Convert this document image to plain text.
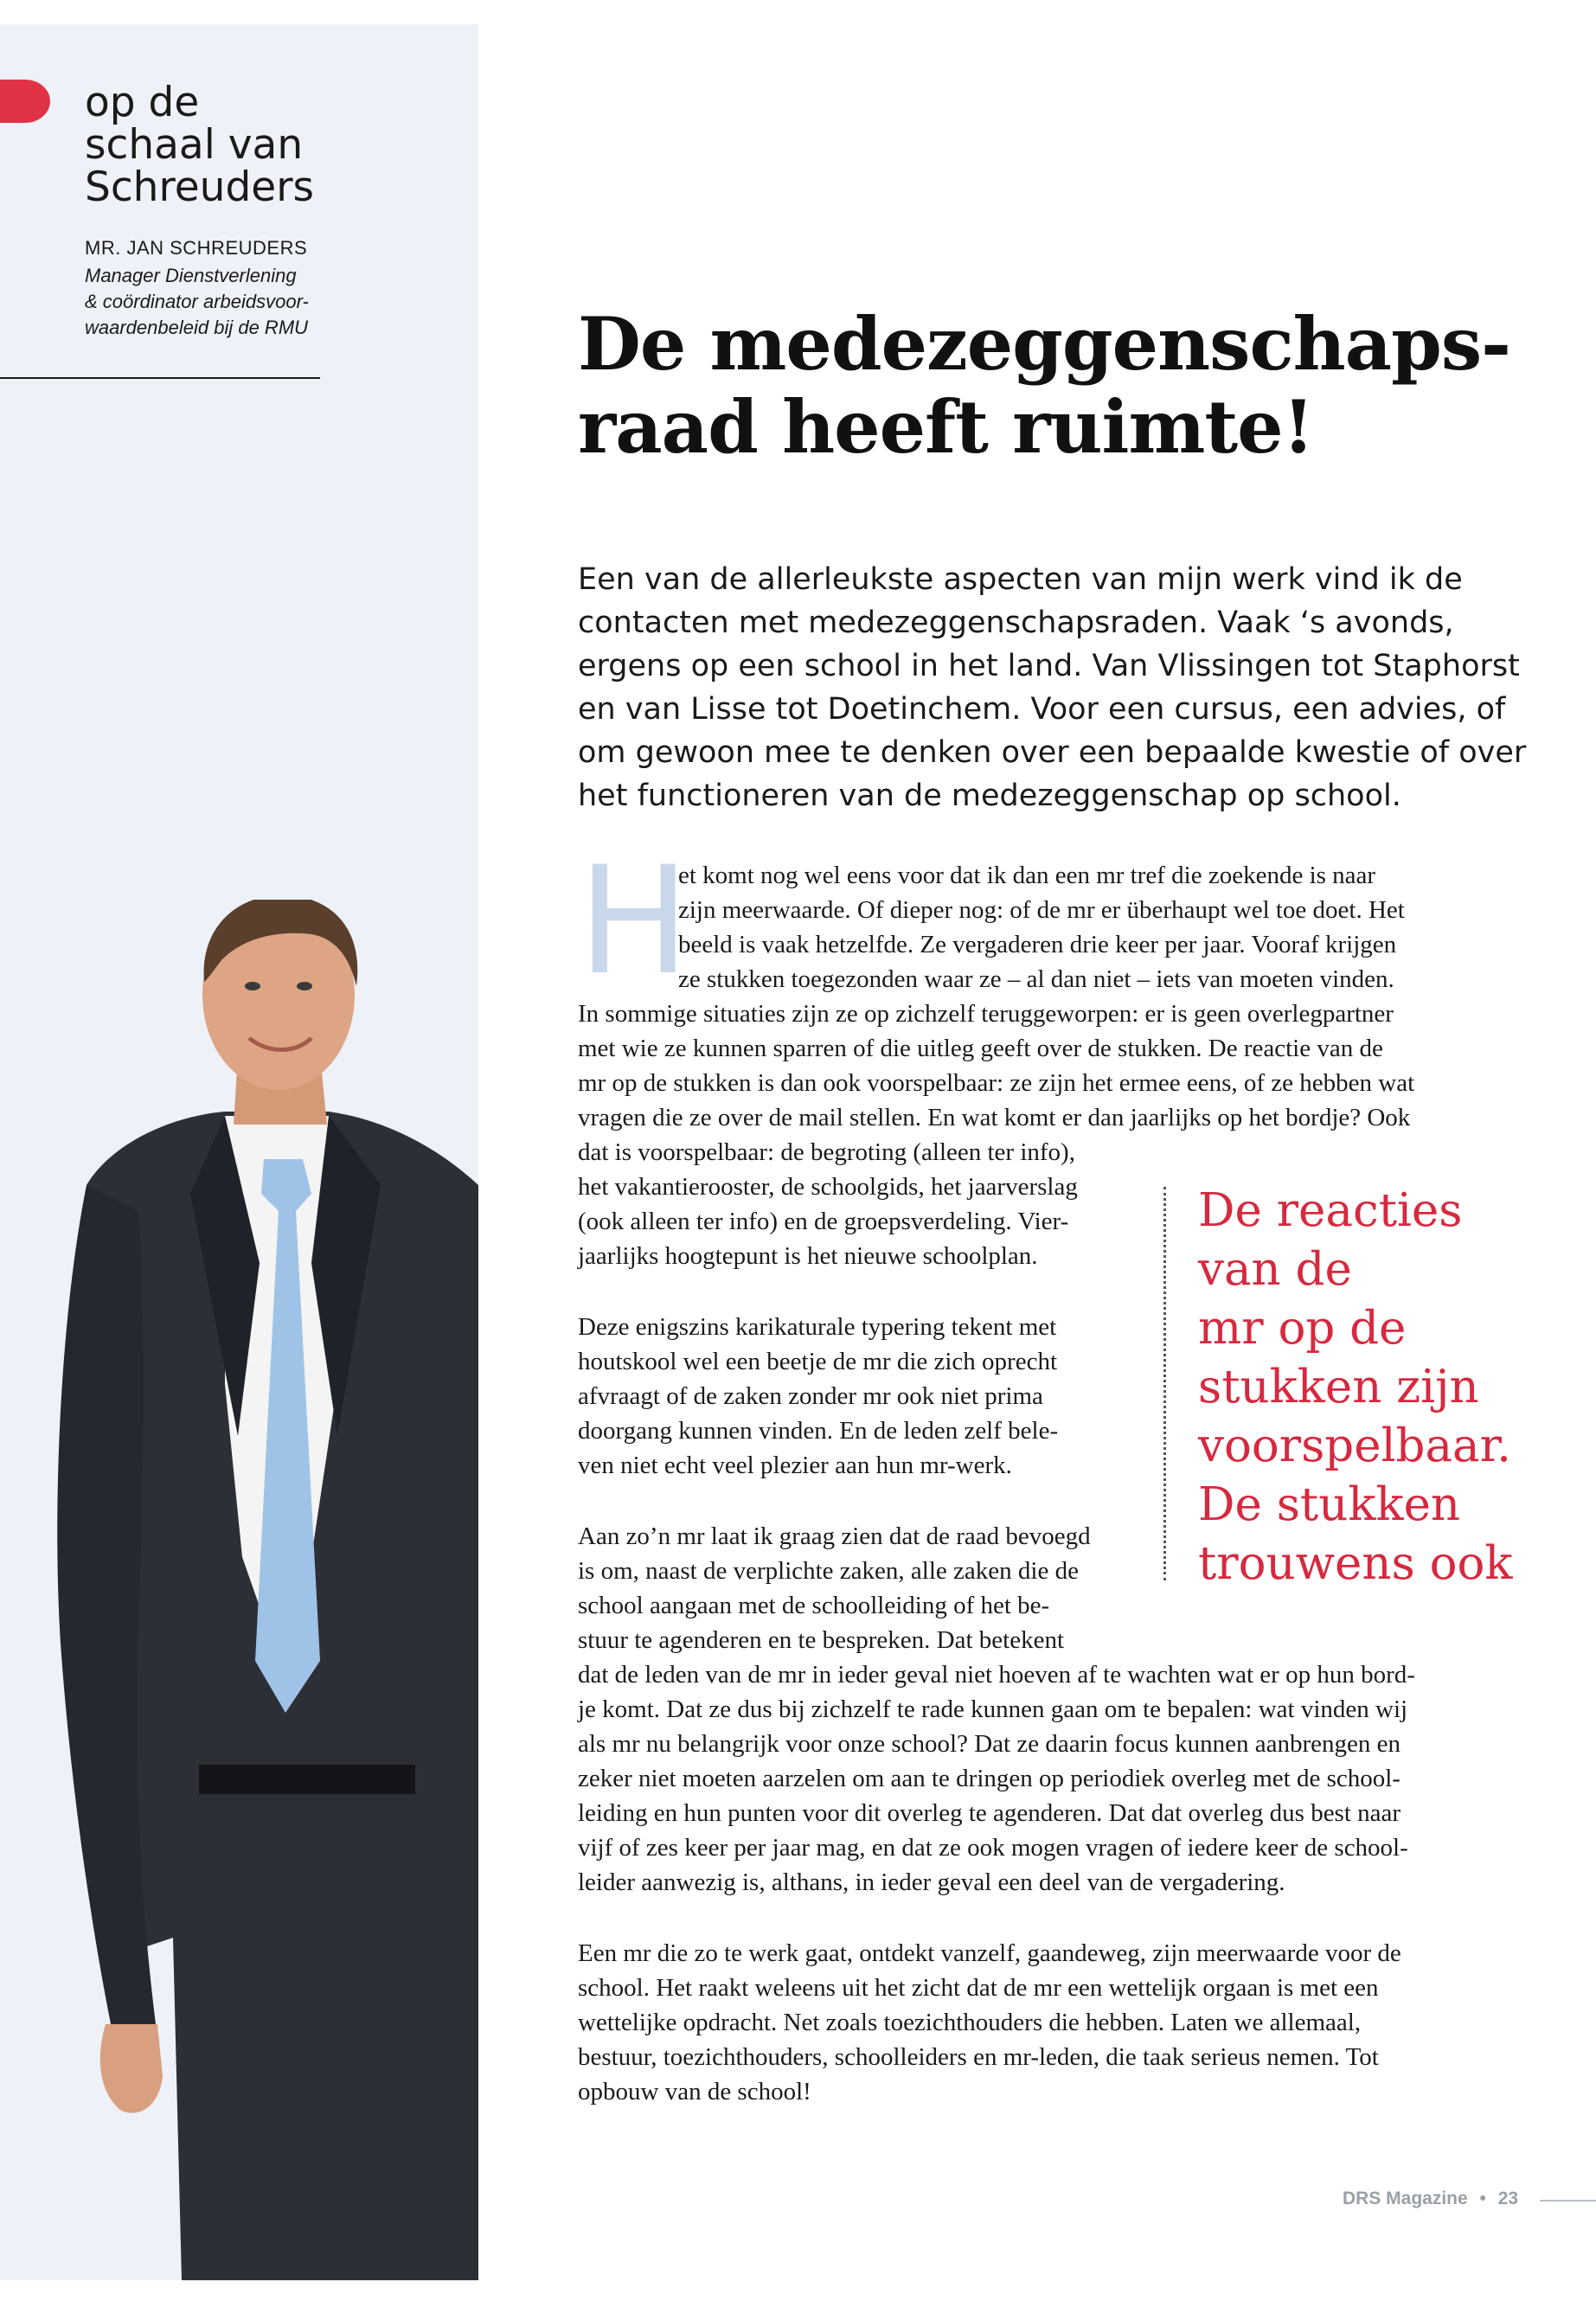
op de
schaal van
Schreuders
MR. JAN SCHREUDERS
Manager Dienstverlening
& coördinator arbeidsvoor-
waardenbeleid bij de RMU	De medezeggenschaps-
raad heeft ruimte!
Een van de allerleukste aspecten van mijn werk vind ik de
contacten met medezeggenschapsraden. Vaak ‘s avonds,
ergens op een school in het land. Van Vlissingen tot Staphorst
en van Lisse tot Doetinchem. Voor een cursus, een advies, of
om gewoon mee te denken over een bepaalde kwestie of over
het functioneren van de medezeggenschap op school.
H
et komt nog wel eens voor dat ik dan een mr tref die zoekende is naar
zijn meerwaarde. Of dieper nog: of de mr er überhaupt wel toe doet. Het
beeld is vaak hetzelfde. Ze vergaderen drie keer per jaar. Vooraf krijgen
ze stukken toegezonden waar ze – al dan niet – iets van moeten vinden.
In sommige situaties zijn ze op zichzelf teruggeworpen: er is geen overlegpartner
met wie ze kunnen sparren of die uitleg geeft over de stukken. De reactie van de
mr op de stukken is dan ook voorspelbaar: ze zijn het ermee eens, of ze hebben wat
vragen die ze over de mail stellen. En wat komt er dan jaarlijks op het bordje? Ook
dat is voorspelbaar: de begroting (alleen ter info),
het vakantierooster, de schoolgids, het jaarverslag
(ook alleen ter info) en de groepsverdeling. Vier-
jaarlijks hoogtepunt is het nieuwe schoolplan.
Deze enigszins karikaturale typering tekent met
houtskool wel een beetje de mr die zich oprecht
afvraagt of de zaken zonder mr ook niet prima
doorgang kunnen vinden. En de leden zelf bele-
ven niet echt veel plezier aan hun mr-werk.
Aan zo’n mr laat ik graag zien dat de raad bevoegd
is om, naast de verplichte zaken, alle zaken die de
school aangaan met de schoolleiding of het be-
stuur te agenderen en te bespreken. Dat betekent
dat de leden van de mr in ieder geval niet hoeven af te wachten wat er op hun bord-
je komt. Dat ze dus bij zichzelf te rade kunnen gaan om te bepalen: wat vinden wij
als mr nu belangrijk voor onze school? Dat ze daarin focus kunnen aanbrengen en
zeker niet moeten aarzelen om aan te dringen op periodiek overleg met de school-
leiding en hun punten voor dit overleg te agenderen. Dat dat overleg dus best naar
vijf of zes keer per jaar mag, en dat ze ook mogen vragen of iedere keer de school-
leider aanwezig is, althans, in ieder geval een deel van de vergadering.
Een mr die zo te werk gaat, ontdekt vanzelf, gaandeweg, zijn meerwaarde voor de
school. Het raakt weleens uit het zicht dat de mr een wettelijk orgaan is met een
wettelijke opdracht. Net zoals toezichthouders die hebben. Laten we allemaal,
bestuur, toezichthouders, schoolleiders en mr-leden, die taak serieus nemen. Tot
opbouw van de school!
De reacties
van de
mr op de
stukken zijn
voorspelbaar.
De stukken
trouwens ook
DRS Magazine • 23
